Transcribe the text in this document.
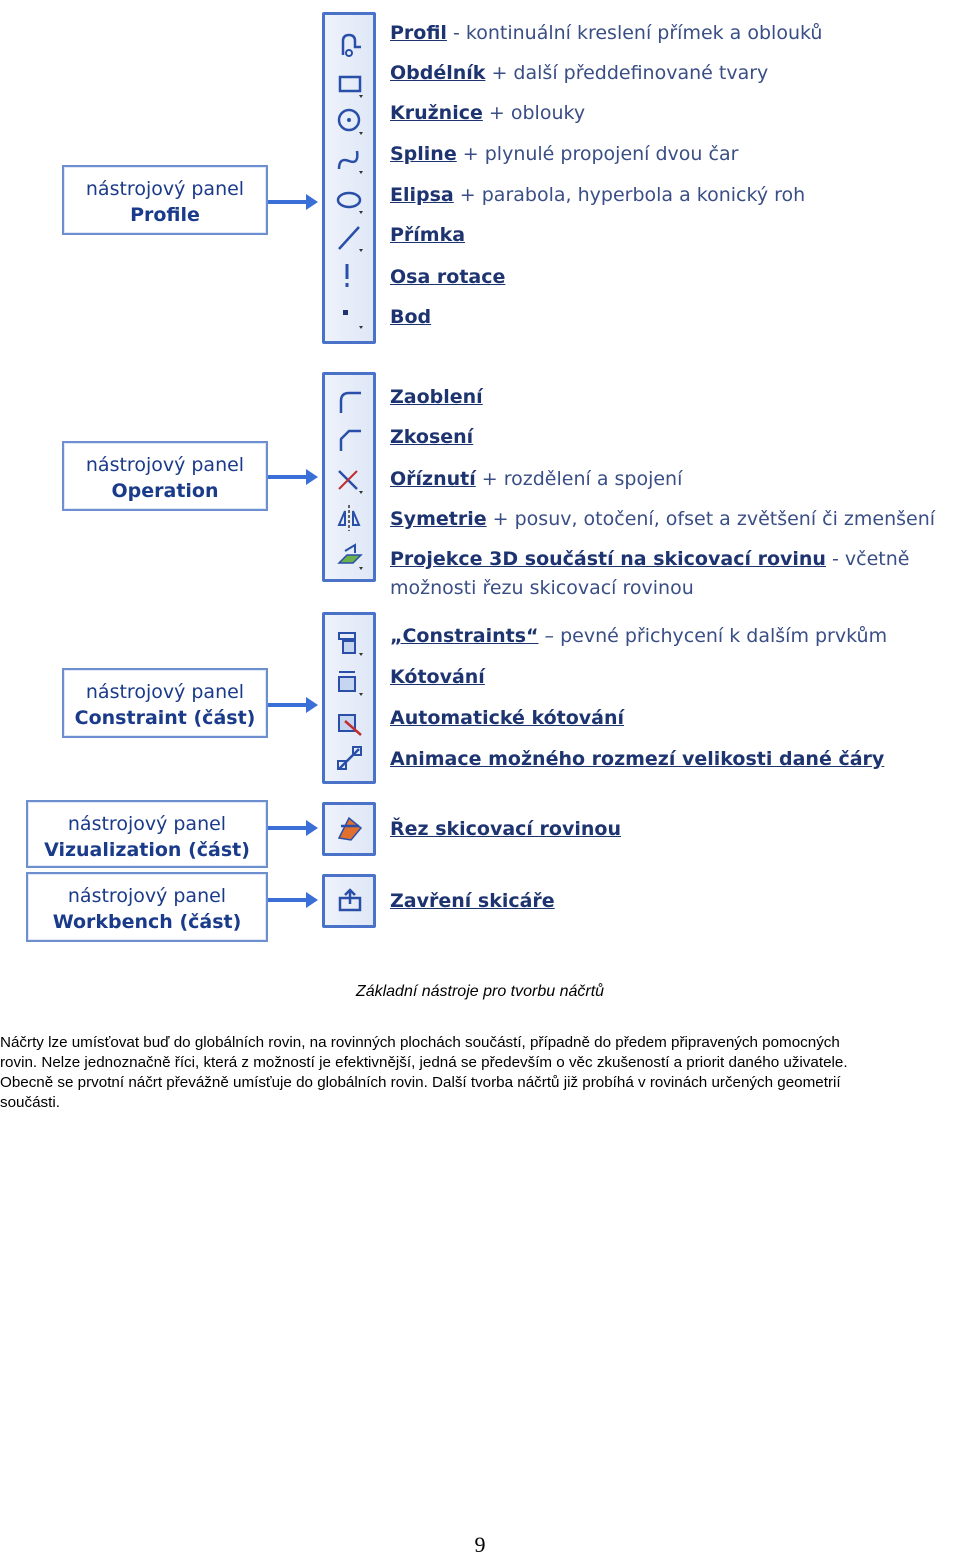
nástrojový panel
Profile
nástrojový panel
Operation
nástrojový panel
Constraint (část)
nástrojový panel
Vizualization (část)
nástrojový panel
Workbench (část)
Profil - kontinuální kreslení přímek a oblouků
Obdélník + další předdefinované tvary
Kružnice + oblouky
Spline + plynulé propojení dvou čar
Elipsa + parabola, hyperbola a konický roh
Přímka
Osa rotace
Bod
Zaoblení
Zkosení
Oříznutí + rozdělení a spojení
Symetrie + posuv, otočení, ofset a zvětšení či zmenšení
Projekce 3D součástí na skicovací rovinu - včetně
možnosti řezu skicovací rovinou
„Constraints“ – pevné přichycení k dalším prvkům
Kótování
Automatické kótování
Animace možného rozmezí velikosti dané čáry
Řez skicovací rovinou
Zavření skicáře
Základní nástroje pro tvorbu náčrtů
Náčrty lze umísťovat buď do globálních rovin, na rovinných plochách součástí, případně do předem připravených pomocných
rovin. Nelze jednoznačně říci, která z možností je efektivnější, jedná se především o věc zkušeností a priorit daného uživatele.
Obecně se prvotní náčrt převážně umísťuje do globálních rovin. Další tvorba náčrtů již probíhá v rovinách určených geometrií
součásti.
9
